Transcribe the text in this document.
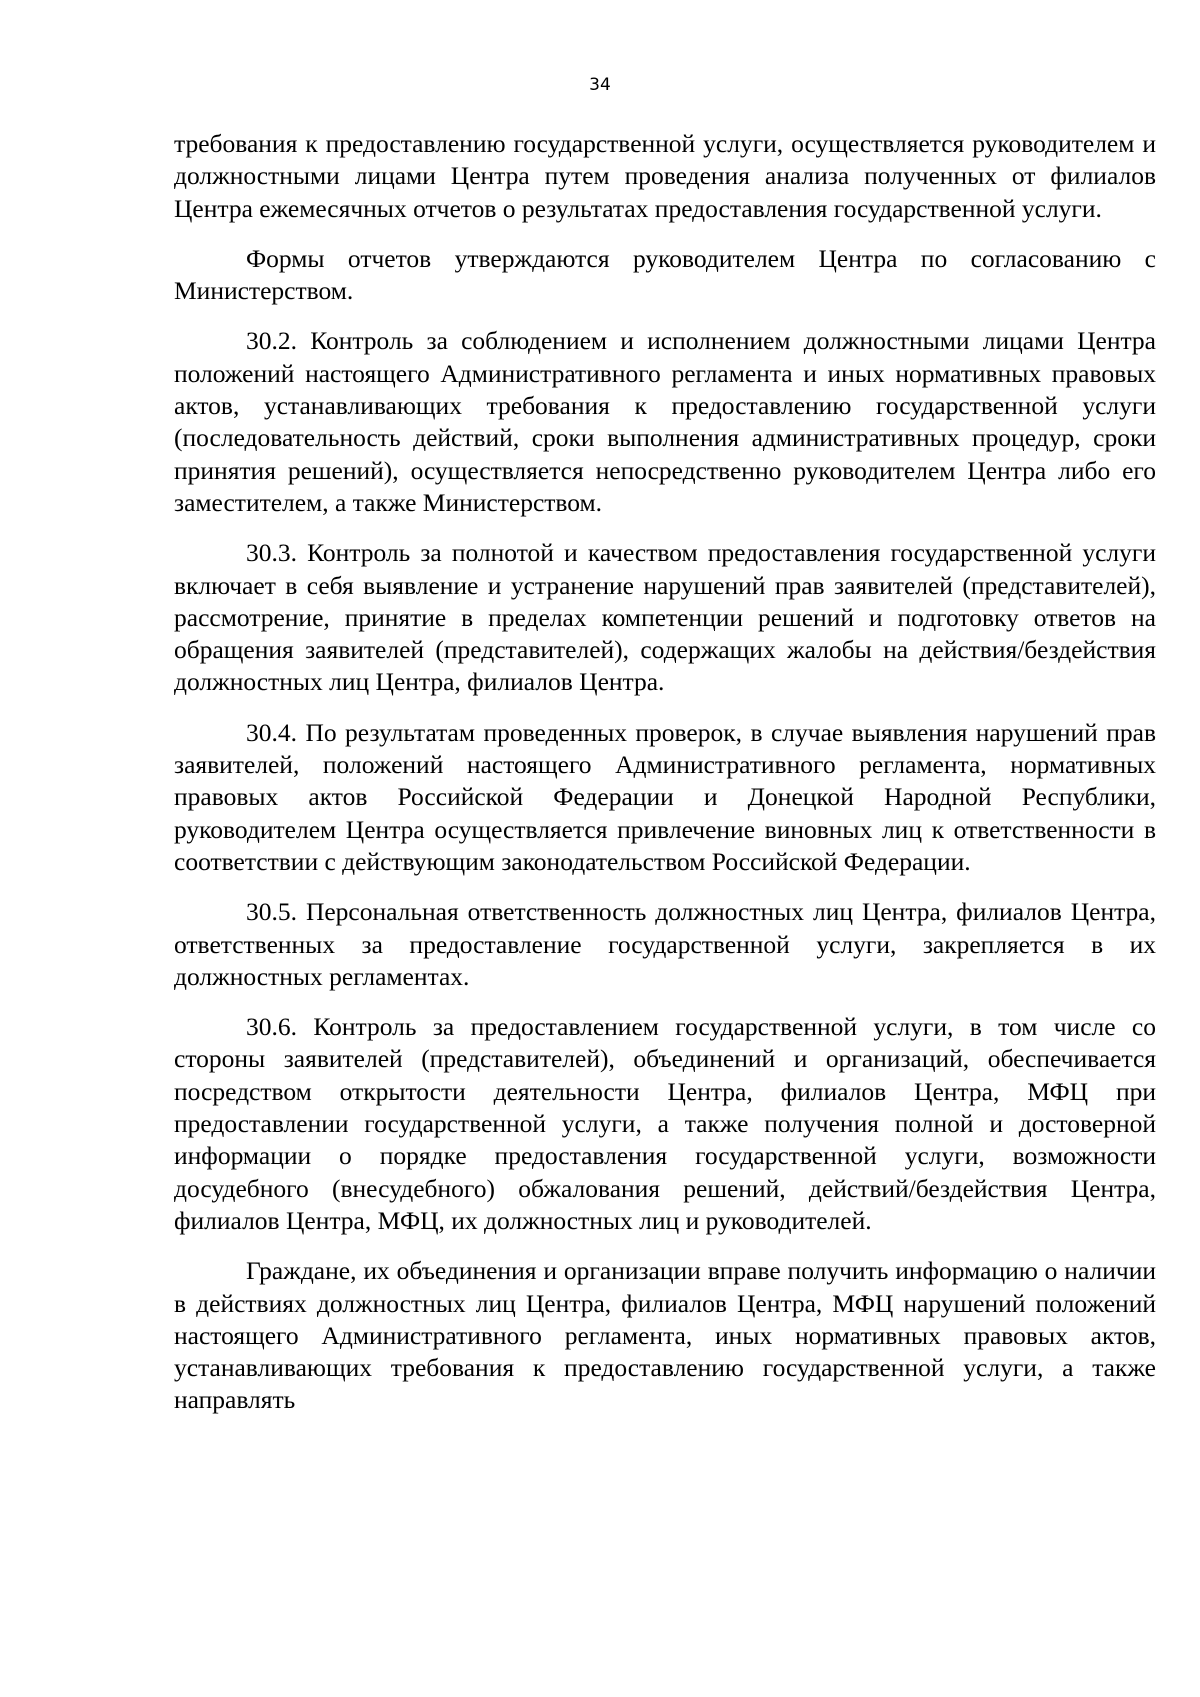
34

требования к предоставлению государственной услуги, осуществляется руководителем и должностными лицами Центра путем проведения анализа полученных от филиалов Центра ежемесячных отчетов о результатах предоставления государственной услуги.

Формы отчетов утверждаются руководителем Центра по согласованию с Министерством.

30.2. Контроль за соблюдением и исполнением должностными лицами Центра положений настоящего Административного регламента и иных нормативных правовых актов, устанавливающих требования к предоставлению государственной услуги (последовательность действий, сроки выполнения административных процедур, сроки принятия решений), осуществляется непосредственно руководителем Центра либо его заместителем, а также Министерством.

30.3. Контроль за полнотой и качеством предоставления государственной услуги включает в себя выявление и устранение нарушений прав заявителей (представителей), рассмотрение, принятие в пределах компетенции решений и подготовку ответов на обращения заявителей (представителей), содержащих жалобы на действия/бездействия должностных лиц Центра, филиалов Центра.

30.4. По результатам проведенных проверок, в случае выявления нарушений прав заявителей, положений настоящего Административного регламента, нормативных правовых актов Российской Федерации и Донецкой Народной Республики, руководителем Центра осуществляется привлечение виновных лиц к ответственности в соответствии с действующим законодательством Российской Федерации.

30.5. Персональная ответственность должностных лиц Центра, филиалов Центра, ответственных за предоставление государственной услуги, закрепляется в их должностных регламентах.

30.6. Контроль за предоставлением государственной услуги, в том числе со стороны заявителей (представителей), объединений и организаций, обеспечивается посредством открытости деятельности Центра, филиалов Центра, МФЦ при предоставлении государственной услуги, а также получения полной и достоверной информации о порядке предоставления государственной услуги, возможности досудебного (внесудебного) обжалования решений, действий/бездействия Центра, филиалов Центра, МФЦ, их должностных лиц и руководителей.

Граждане, их объединения и организации вправе получить информацию о наличии в действиях должностных лиц Центра, филиалов Центра, МФЦ нарушений положений настоящего Административного регламента, иных нормативных правовых актов, устанавливающих требования к предоставлению государственной услуги, а также направлять
